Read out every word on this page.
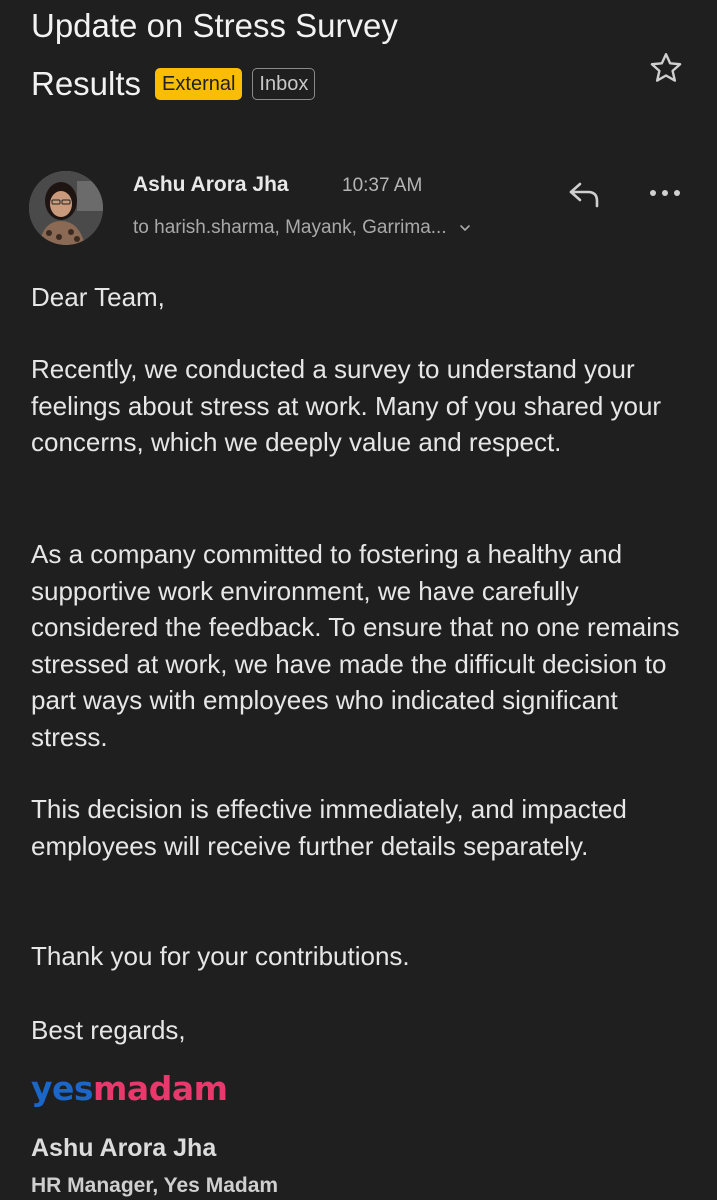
Update on Stress Survey
Results	External	Inbox
Ashu Arora Jha	10:37 AM
to harish.sharma, Mayank, Garrima...
Dear Team,
Recently, we conducted a survey to understand your feelings about stress at work. Many of you shared your concerns, which we deeply value and respect.
As a company committed to fostering a healthy and supportive work environment, we have carefully considered the feedback. To ensure that no one remains stressed at work, we have made the difficult decision to part ways with employees who indicated significant stress.
This decision is effective immediately, and impacted employees will receive further details separately.
Thank you for your contributions.
Best regards,
yesmadam
Ashu Arora Jha
HR Manager, Yes Madam
